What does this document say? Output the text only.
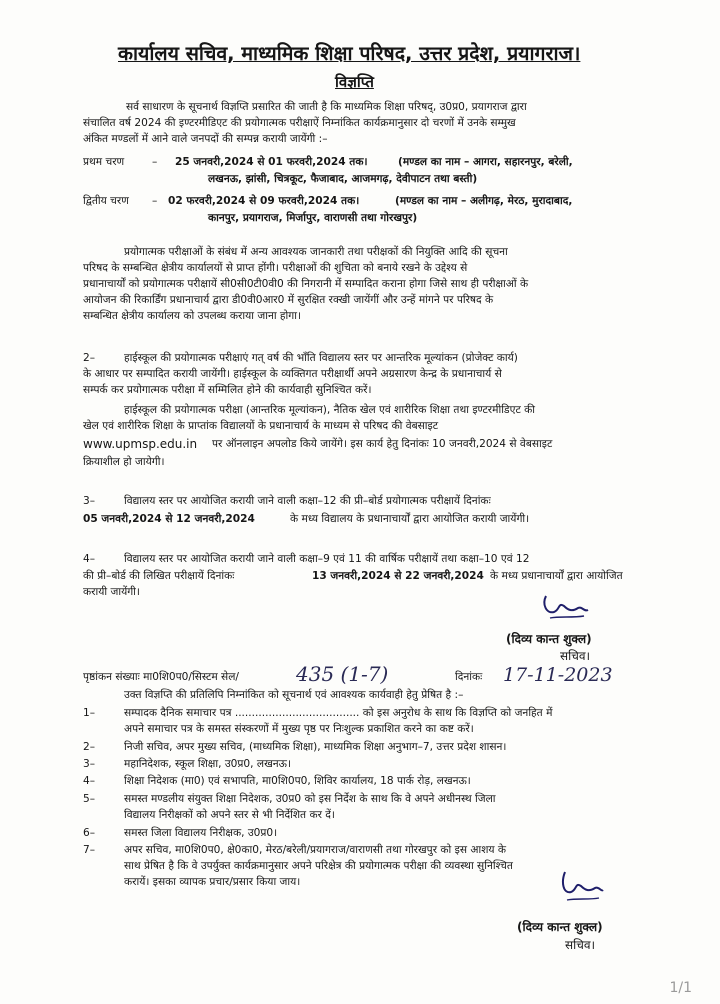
कार्यालय सचिव, माध्यमिक शिक्षा परिषद, उत्तर प्रदेश, प्रयागराज।
विज्ञप्ति
सर्व साधारण के सूचनार्थ विज्ञप्ति प्रसारित की जाती है कि माध्यमिक शिक्षा परिषद्, उ0प्र0, प्रयागराज द्वारा
संचालित वर्ष 2024 की इण्टरमीडिएट की प्रयोगात्मक परीक्षाऐं निम्नांकित कार्यक्रमानुसार दो चरणों में उनके सम्मुख
अंकित मण्डलों में आने वाले जनपदों की सम्पन्न करायी जायेंगी :–
प्रथम चरण	– 25 जनवरी,2024 से 01 फरवरी,2024 तक।	(मण्डल का नाम – आगरा, सहारनपुर, बरेली,
लखनऊ, झांसी, चित्रकूट, फैजाबाद, आजमगढ़, देवीपाटन तथा बस्ती)
द्वितीय चरण – 02 फरवरी,2024 से 09 फरवरी,2024 तक।	(मण्डल का नाम – अलीगढ़, मेरठ, मुरादाबाद,
कानपुर, प्रयागराज, मिर्जापुर, वाराणसी तथा गोरखपुर)
प्रयोगात्मक परीक्षाओं के संबंध में अन्य आवश्यक जानकारी तथा परीक्षकों की नियुक्ति आदि की सूचना
परिषद के सम्बन्धित क्षेत्रीय कार्यालयों से प्राप्त होंगी। परीक्षाओं की शुचिता को बनाये रखने के उद्देश्य से
प्रधानाचार्यों को प्रयोगात्मक परीक्षायें सी0सी0टी0वी0 की निगरानी में सम्पादित कराना होगा जिसे साथ ही परीक्षाओं के
आयोजन की रिकार्डिंग प्रधानाचार्य द्वारा डी0वी0आर0 में सुरक्षित रक्खी जायेंगीं और उन्हें मांगने पर परिषद के
सम्बन्धित क्षेत्रीय कार्यालय को उपलब्ध कराया जाना होगा।
2–	हाईस्कूल की प्रयोगात्मक परीक्षाएं गत् वर्ष की भाँति विद्यालय स्तर पर आन्तरिक मूल्यांकन (प्रोजेक्ट कार्य)
के आधार पर सम्पादित करायी जायेंगी। हाईस्कूल के व्यक्तिगत परीक्षार्थी अपने अग्रसारण केन्द्र के प्रधानाचार्य से
सम्पर्क कर प्रयोगात्मक परीक्षा में सम्मिलित होने की कार्यवाही सुनिश्चित करें।
हाईस्कूल की प्रयोगात्मक परीक्षा (आन्तरिक मूल्यांकन), नैतिक खेल एवं शारीरिक शिक्षा तथा इण्टरमीडिएट की
खेल एवं शारीरिक शिक्षा के प्राप्तांक विद्यालयों के प्रधानाचार्य के माध्यम से परिषद की वेबसाइट
www.upmsp.edu.in पर ऑनलाइन अपलोड किये जायेंगे। इस कार्य हेतु दिनांकः 10 जनवरी,2024 से वेबसाइट
क्रियाशील हो जायेगी।
3–	विद्यालय स्तर पर आयोजित करायी जाने वाली कक्षा–12 की प्री–बोर्ड प्रयोगात्मक परीक्षायें दिनांकः
05 जनवरी,2024 से 12 जनवरी,2024	के मध्य विद्यालय के प्रधानाचार्यों द्वारा आयोजित करायी जायेंगी।
4–	विद्यालय स्तर पर आयोजित करायी जाने वाली कक्षा–9 एवं 11 की वार्षिक परीक्षायें तथा कक्षा–10 एवं 12
की प्री–बोर्ड की लिखित परीक्षायें दिनांकः	13 जनवरी,2024 से 22 जनवरी,2024 के मध्य प्रधानाचार्यों द्वारा आयोजित
करायी जायेंगी।
(दिव्य कान्त शुक्ल)
सचिव।
पृष्ठांकन संख्याः मा0शि0प0/सिस्टम सेल/	435 (1-7)	दिनांकः 17-11-2023
उक्त विज्ञप्ति की प्रतिलिपि निम्नांकित को सूचनार्थ एवं आवश्यक कार्यवाही हेतु प्रेषित है :–
1–	सम्पादक दैनिक समाचार पत्र ..................................... को इस अनुरोध के साथ कि विज्ञप्ति को जनहित में
अपने समाचार पत्र के समस्त संस्करणों में मुख्य पृष्ठ पर निःशुल्क प्रकाशित करने का कष्ट करें।
2–	निजी सचिव, अपर मुख्य सचिव, (माध्यमिक शिक्षा), माध्यमिक शिक्षा अनुभाग–7, उत्तर प्रदेश शासन।
3–	महानिदेशक, स्कूल शिक्षा, उ0प्र0, लखनऊ।
4–	शिक्षा निदेशक (मा0) एवं सभापति, मा0शि0प0, शिविर कार्यालय, 18 पार्क रोड़, लखनऊ।
5–	समस्त मण्डलीय संयुक्त शिक्षा निदेशक, उ0प्र0 को इस निर्देश के साथ कि वे अपने अधीनस्थ जिला
विद्यालय निरीक्षकों को अपने स्तर से भी निर्देशित कर दें।
6–	समस्त जिला विद्यालय निरीक्षक, उ0प्र0।
7–	अपर सचिव, मा0शि0प0, क्षे0का0, मेरठ/बरेली/प्रयागराज/वाराणसी तथा गोरखपुर को इस आशय के
साथ प्रेषित है कि वे उपर्युक्त कार्यक्रमानुसार अपने परिक्षेत्र की प्रयोगात्मक परीक्षा की व्यवस्था सुनिश्चित
करायें। इसका व्यापक प्रचार/प्रसार किया जाय।
(दिव्य कान्त शुक्ल)
सचिव।
1/1
